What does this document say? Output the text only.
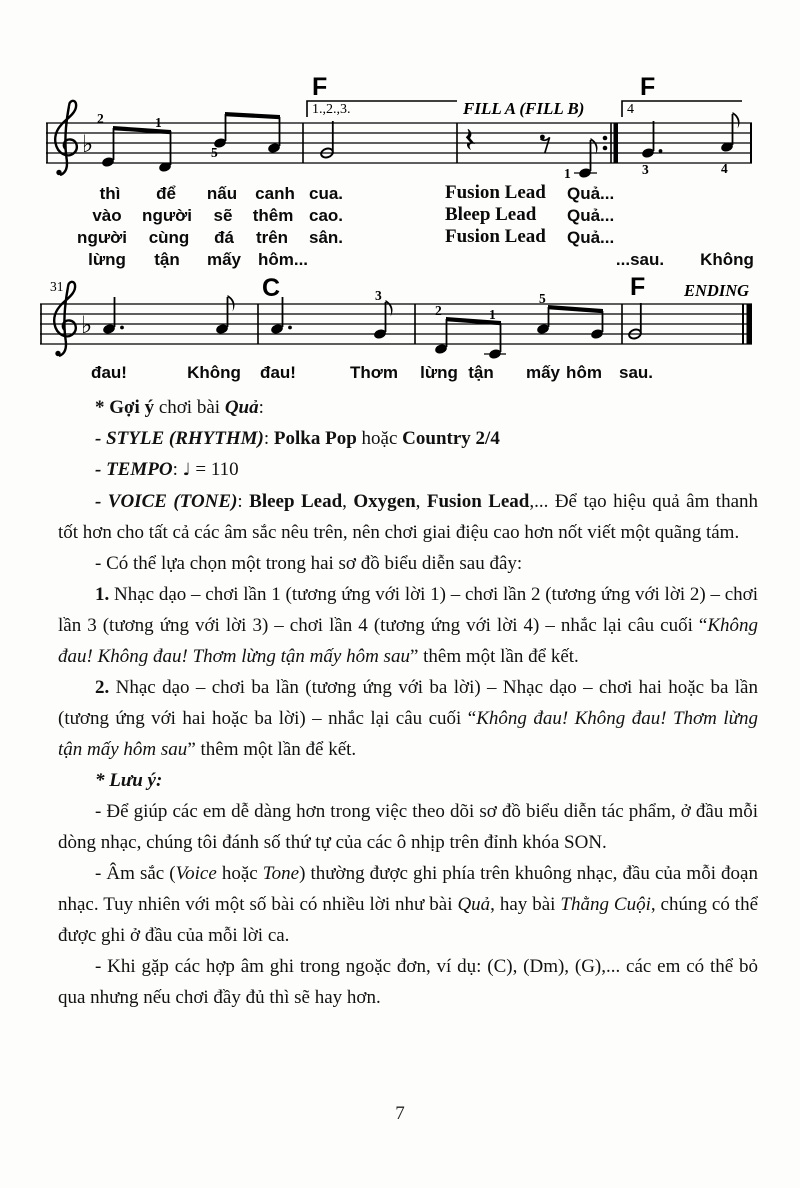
♭
2	1
5
1.,2.,3.
F
FILL A (FILL B)
1
4
F
3	4
31
♭
C	3
2	1
5	F ENDING
thì để nấu canh cua.
vào người sẽ thêm cao.
người cùng đá trên sân.
lừng tận mấy hôm...	...sau. Không
Fusion Lead
Bleep Lead
Fusion Lead
Quả...
Quả...
Quả...
đau!	Không đau!	Thơm lừng tận mấy hôm sau.

* Gợi ý chơi bài Quả:

- STYLE (RHYTHM): Polka Pop hoặc Country 2/4

- TEMPO: ♩ = 110

- VOICE (TONE): Bleep Lead, Oxygen, Fusion Lead,... Để tạo hiệu quả âm thanh tốt hơn cho tất cả các âm sắc nêu trên, nên chơi giai điệu cao hơn nốt viết một quãng tám.

- Có thể lựa chọn một trong hai sơ đồ biểu diễn sau đây:

1. Nhạc dạo – chơi lần 1 (tương ứng với lời 1) – chơi lần 2 (tương ứng với lời 2) – chơi lần 3 (tương ứng với lời 3) – chơi lần 4 (tương ứng với lời 4) – nhắc lại câu cuối “Không đau! Không đau! Thơm lừng tận mấy hôm sau” thêm một lần để kết.

2. Nhạc dạo – chơi ba lần (tương ứng với ba lời) – Nhạc dạo – chơi hai hoặc ba lần (tương ứng với hai hoặc ba lời) – nhắc lại câu cuối “Không đau! Không đau! Thơm lừng tận mấy hôm sau” thêm một lần để kết.

* Lưu ý:

- Để giúp các em dễ dàng hơn trong việc theo dõi sơ đồ biểu diễn tác phẩm, ở đầu mỗi dòng nhạc, chúng tôi đánh số thứ tự của các ô nhịp trên đỉnh khóa SON.

- Âm sắc (Voice hoặc Tone) thường được ghi phía trên khuông nhạc, đầu của mỗi đoạn nhạc. Tuy nhiên với một số bài có nhiều lời như bài Quả, hay bài Thằng Cuội, chúng có thể được ghi ở đầu của mỗi lời ca.

- Khi gặp các hợp âm ghi trong ngoặc đơn, ví dụ: (C), (Dm), (G),... các em có thể bỏ qua nhưng nếu chơi đầy đủ thì sẽ hay hơn.

7
